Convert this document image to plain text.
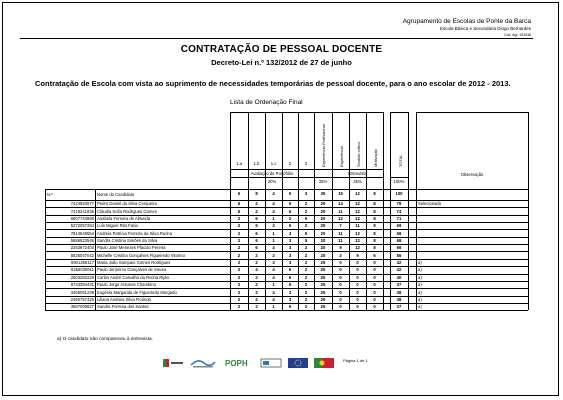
Agrupamento de Escolas de Ponte da Barca
Escola Básica e Secundária Diogo Bernardes
Cód. Agr. 152638
CONTRATAÇÃO DE PESSOAL DOCENTE
Decreto-Lei n.º 132/2012 de 27 de junho
Contratação de Escola com vista ao suprimento de necessidades temporárias de pessoal docente, para o ano escolar de 2012 - 2013.
Lista de Ordenação Final
1.a	1.b	1.c	2	3	Experiência Profissional	Experiência	Sentido crítico	Motivação	TOTAL
Observação
Avaliação de Portefólio	Entrevista
30%	35%	35%	100%
5	8	4	5	3	35	15	12	8	100
N.º	Nome do Candidato
7424920577 Pedro Daniel da Silva Cerqueira	5	2	4	5	2	25	14	12	8	78	Selecionado
7418241835 Cláudia Sofia Rodrigues Gomes	5	2	4	5	2	25	11	12	8	74
6607744868 Anabela Ferreira de Almeida	2	6	1	2	5	20	12	12	8	71
5272057284 Luís Miguel Rito Faria	2	6	3	5	2	25	7	11	8	69
7814549554 Andreia Patrícia Ferreira da Silva Rocha	2	6	1	3	5	20	11	12	8	68
5686523546 Sandra Cristina Simões da Silva	2	6	1	3	5	20	11	12	8	68
2253872404 Paulo José Menezes Plácido Pereira	2	6	4	3	2	20	9	12	8	66
5835047042 Michelle Cristina Gonçalves Figueiredo Vitorino	2	2	3	3	2	25	3	9	6	55
5901268117 Maria João Sampaio Gomes Rodrigues	2	2	3	3	2	25	0	0	0	42	a)
8256035611 Paulo Jerónimo Gonçalves de Sousa	2	4	4	5	2	25	0	0	0	42	a)
2503282228 Carlos André Carvalho da Rocha Rijão	2	2	4	5	2	25	0	0	0	40	a)
9743384431 Paulo Jorge Antunes Chambino	2	2	1	5	2	25	0	0	0	37	a)
3458091238 Eugénia Margarida de Figueiredo Morgado	2	2	4	3	2	25	0	0	0	38	a)
2460757425 Liliana Andreia Silva Florindo	2	2	4	3	2	25	0	0	0	38	a)
3567008827 Sandra Ferreira dos Santos	2	2	1	5	2	25	0	0	0	37	a)
a) O candidato não compareceu à entrevista.
POPH	Página 1 de 1
